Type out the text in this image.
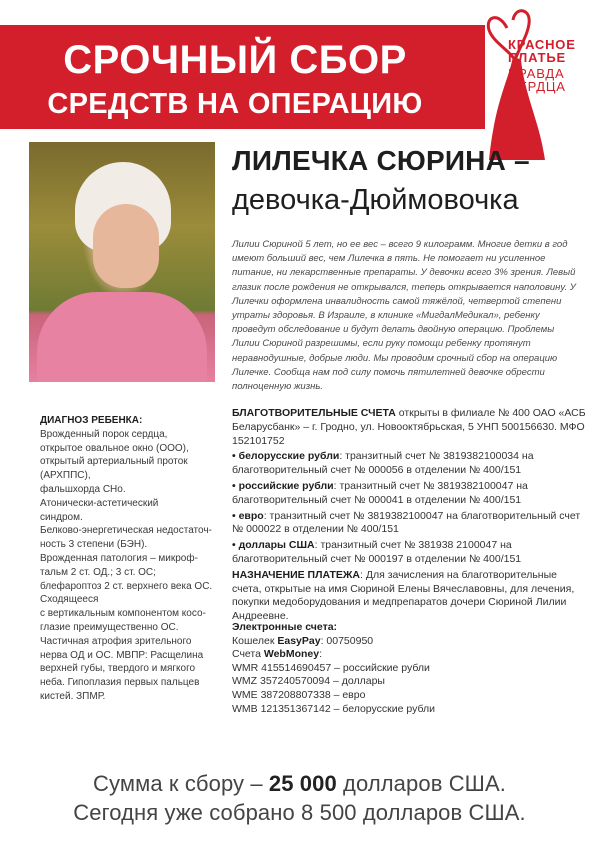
СРОЧНЫЙ СБОР
СРЕДСТВ НА ОПЕРАЦИЮ
КРАСНОЕ
ПЛАТЬЕ
ПРАВДА
СЕРДЦА
ЛИЛЕЧКА СЮРИНА –
девочка-Дюймовочка
Лилии Сюриной 5 лет, но ее вес – всего 9 килограмм. Многие детки в год имеют больший вес, чем Лилечка в пять. Не помогает ни усиленное питание, ни лекарственные препараты. У девочки всего 3% зрения. Левый глазик после рождения не открывался, теперь открывается наполовину. У Лилечки оформлена инвалидность самой тяжёлой, четвертой степени утраты здоровья. В Израиле, в клинике «МигдалМедикал», ребенку проведут обследование и будут делать двойную операцию. Проблемы Лилии Сюриной разрешимы, если руку помощи ребенку протянут неравнодушные, добрые люди. Мы проводим срочный сбор на операцию Лилечке. Сообща нам под силу помочь пятилетней девочке обрести полноценную жизнь.

ДИАГНОЗ РЕБЕНКА:

Врожденный порок сердца,

открытое овальное окно (ООО),

открытый артериальный проток

(АРХППС),

фальшхорда СНо.

Атонически-астетический

синдром.

Белково-энергетическая недостаточ-

ность 3 степени (БЭН).

Врожденная патология – микроф-

тальм 2 ст. ОД.; 3 ст. ОС;

блефароптоз 2 ст. верхнего века ОС.

Сходящееся

с вертикальным компонентом косо-

глазие преимущественно ОС.

Частичная атрофия зрительного

нерва ОД и ОС. МВПР: Расщелина

верхней губы, твердого и мягкого

неба. Гипоплазия первых пальцев

кистей. ЗПМР.

БЛАГОТВОРИТЕЛЬНЫЕ СЧЕТА открыты в филиале № 400 ОАО «АСБ Беларусбанк» – г. Гродно, ул. Новооктябрьская, 5 УНП 500156630. МФО 152101752

• белорусские рубли: транзитный счет № 3819382100034 на благотворительный счет № 000056 в отделении № 400/151

• российские рубли: транзитный счет № 3819382100047 на благотворительный счет № 000041 в отделении № 400/151

• евро: транзитный счет № 3819382100047 на благотворительный счет № 000022 в отделении № 400/151

• доллары США: транзитный счет № 381938 2100047 на благотворительный счет № 000197 в отделении № 400/151

НАЗНАЧЕНИЕ ПЛАТЕЖА: Для зачисления на благотворительные счета, открытые на имя Сюриной Елены Вячеславовны, для лечения, покупки медоборудования и медпрепаратов дочери Сюриной Лилии Андреевне.

Электронные счета:

Кошелек EasyPay: 00750950

Счета WebMoney:

WMR 415514690457 – российские рубли

WMZ 357240570094 – доллары

WME 387208807338 – евро

WMB 121351367142 – белорусские рубли

Сумма к сбору – 25 000 долларов США.
Сегодня уже собрано 8 500 долларов США.
